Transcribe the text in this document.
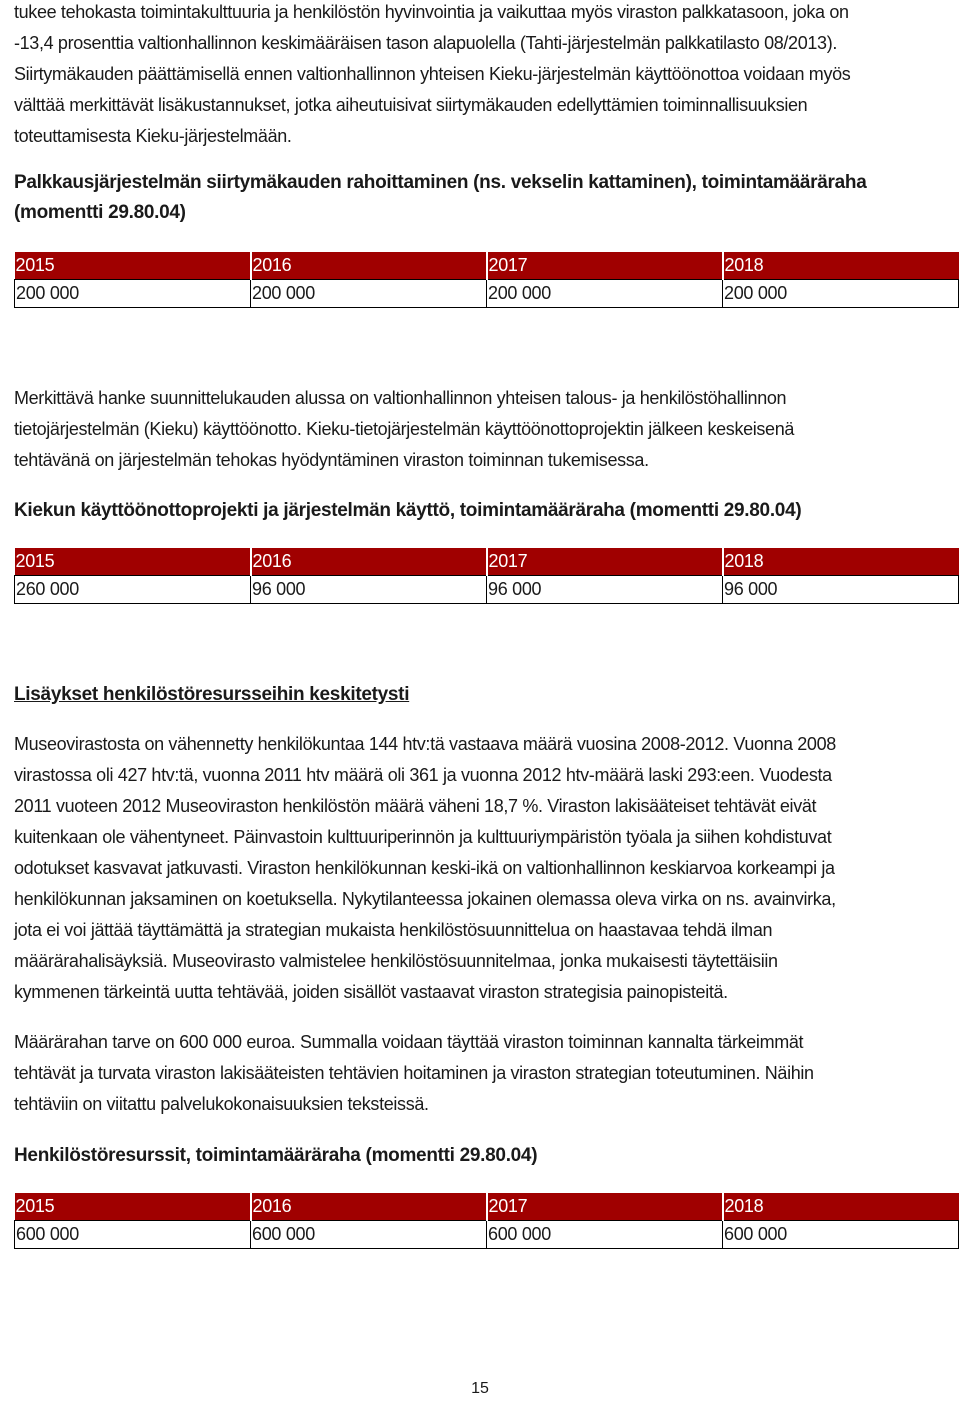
tukee tehokasta toimintakulttuuria ja henkilöstön hyvinvointia ja vaikuttaa myös viraston palkkatasoon, joka on

-13,4 prosenttia valtionhallinnon keskimääräisen tason alapuolella (Tahti-järjestelmän palkkatilasto 08/2013).

Siirtymäkauden päättämisellä ennen valtionhallinnon yhteisen Kieku-järjestelmän käyttöönottoa voidaan myös

välttää merkittävät lisäkustannukset, jotka aiheutuisivat siirtymäkauden edellyttämien toiminnallisuuksien

toteuttamisesta Kieku-järjestelmään.

Palkkausjärjestelmän siirtymäkauden rahoittaminen (ns. vekselin kattaminen), toimintamääräraha

(momentti 29.80.04)

2015	2016	2017	2018
200 000	200 000	200 000	200 000

Merkittävä hanke suunnittelukauden alussa on valtionhallinnon yhteisen talous- ja henkilöstöhallinnon

tietojärjestelmän (Kieku) käyttöönotto. Kieku-tietojärjestelmän käyttöönottoprojektin jälkeen keskeisenä

tehtävänä on järjestelmän tehokas hyödyntäminen viraston toiminnan tukemisessa.

Kiekun käyttöönottoprojekti ja järjestelmän käyttö, toimintamääräraha (momentti 29.80.04)
2015	2016	2017	2018
260 000	96 000	96 000	96 000
Lisäykset henkilöstöresursseihin keskitetysti

Museovirastosta on vähennetty henkilökuntaa 144 htv:tä vastaava määrä vuosina 2008-2012. Vuonna 2008

virastossa oli 427 htv:tä, vuonna 2011 htv määrä oli 361 ja vuonna 2012 htv-määrä laski 293:een. Vuodesta

2011 vuoteen 2012 Museoviraston henkilöstön määrä väheni 18,7 %. Viraston lakisääteiset tehtävät eivät

kuitenkaan ole vähentyneet. Päinvastoin kulttuuriperinnön ja kulttuuriympäristön työala ja siihen kohdistuvat

odotukset kasvavat jatkuvasti. Viraston henkilökunnan keski-ikä on valtionhallinnon keskiarvoa korkeampi ja

henkilökunnan jaksaminen on koetuksella. Nykytilanteessa jokainen olemassa oleva virka on ns. avainvirka,

jota ei voi jättää täyttämättä ja strategian mukaista henkilöstösuunnittelua on haastavaa tehdä ilman

määrärahalisäyksiä. Museovirasto valmistelee henkilöstösuunnitelmaa, jonka mukaisesti täytettäisiin

kymmenen tärkeintä uutta tehtävää, joiden sisällöt vastaavat viraston strategisia painopisteitä.

Määrärahan tarve on 600 000 euroa. Summalla voidaan täyttää viraston toiminnan kannalta tärkeimmät

tehtävät ja turvata viraston lakisääteisten tehtävien hoitaminen ja viraston strategian toteutuminen. Näihin

tehtäviin on viitattu palvelukokonaisuuksien teksteissä.

Henkilöstöresurssit, toimintamääräraha (momentti 29.80.04)
2015	2016	2017	2018
600 000	600 000	600 000	600 000
15
